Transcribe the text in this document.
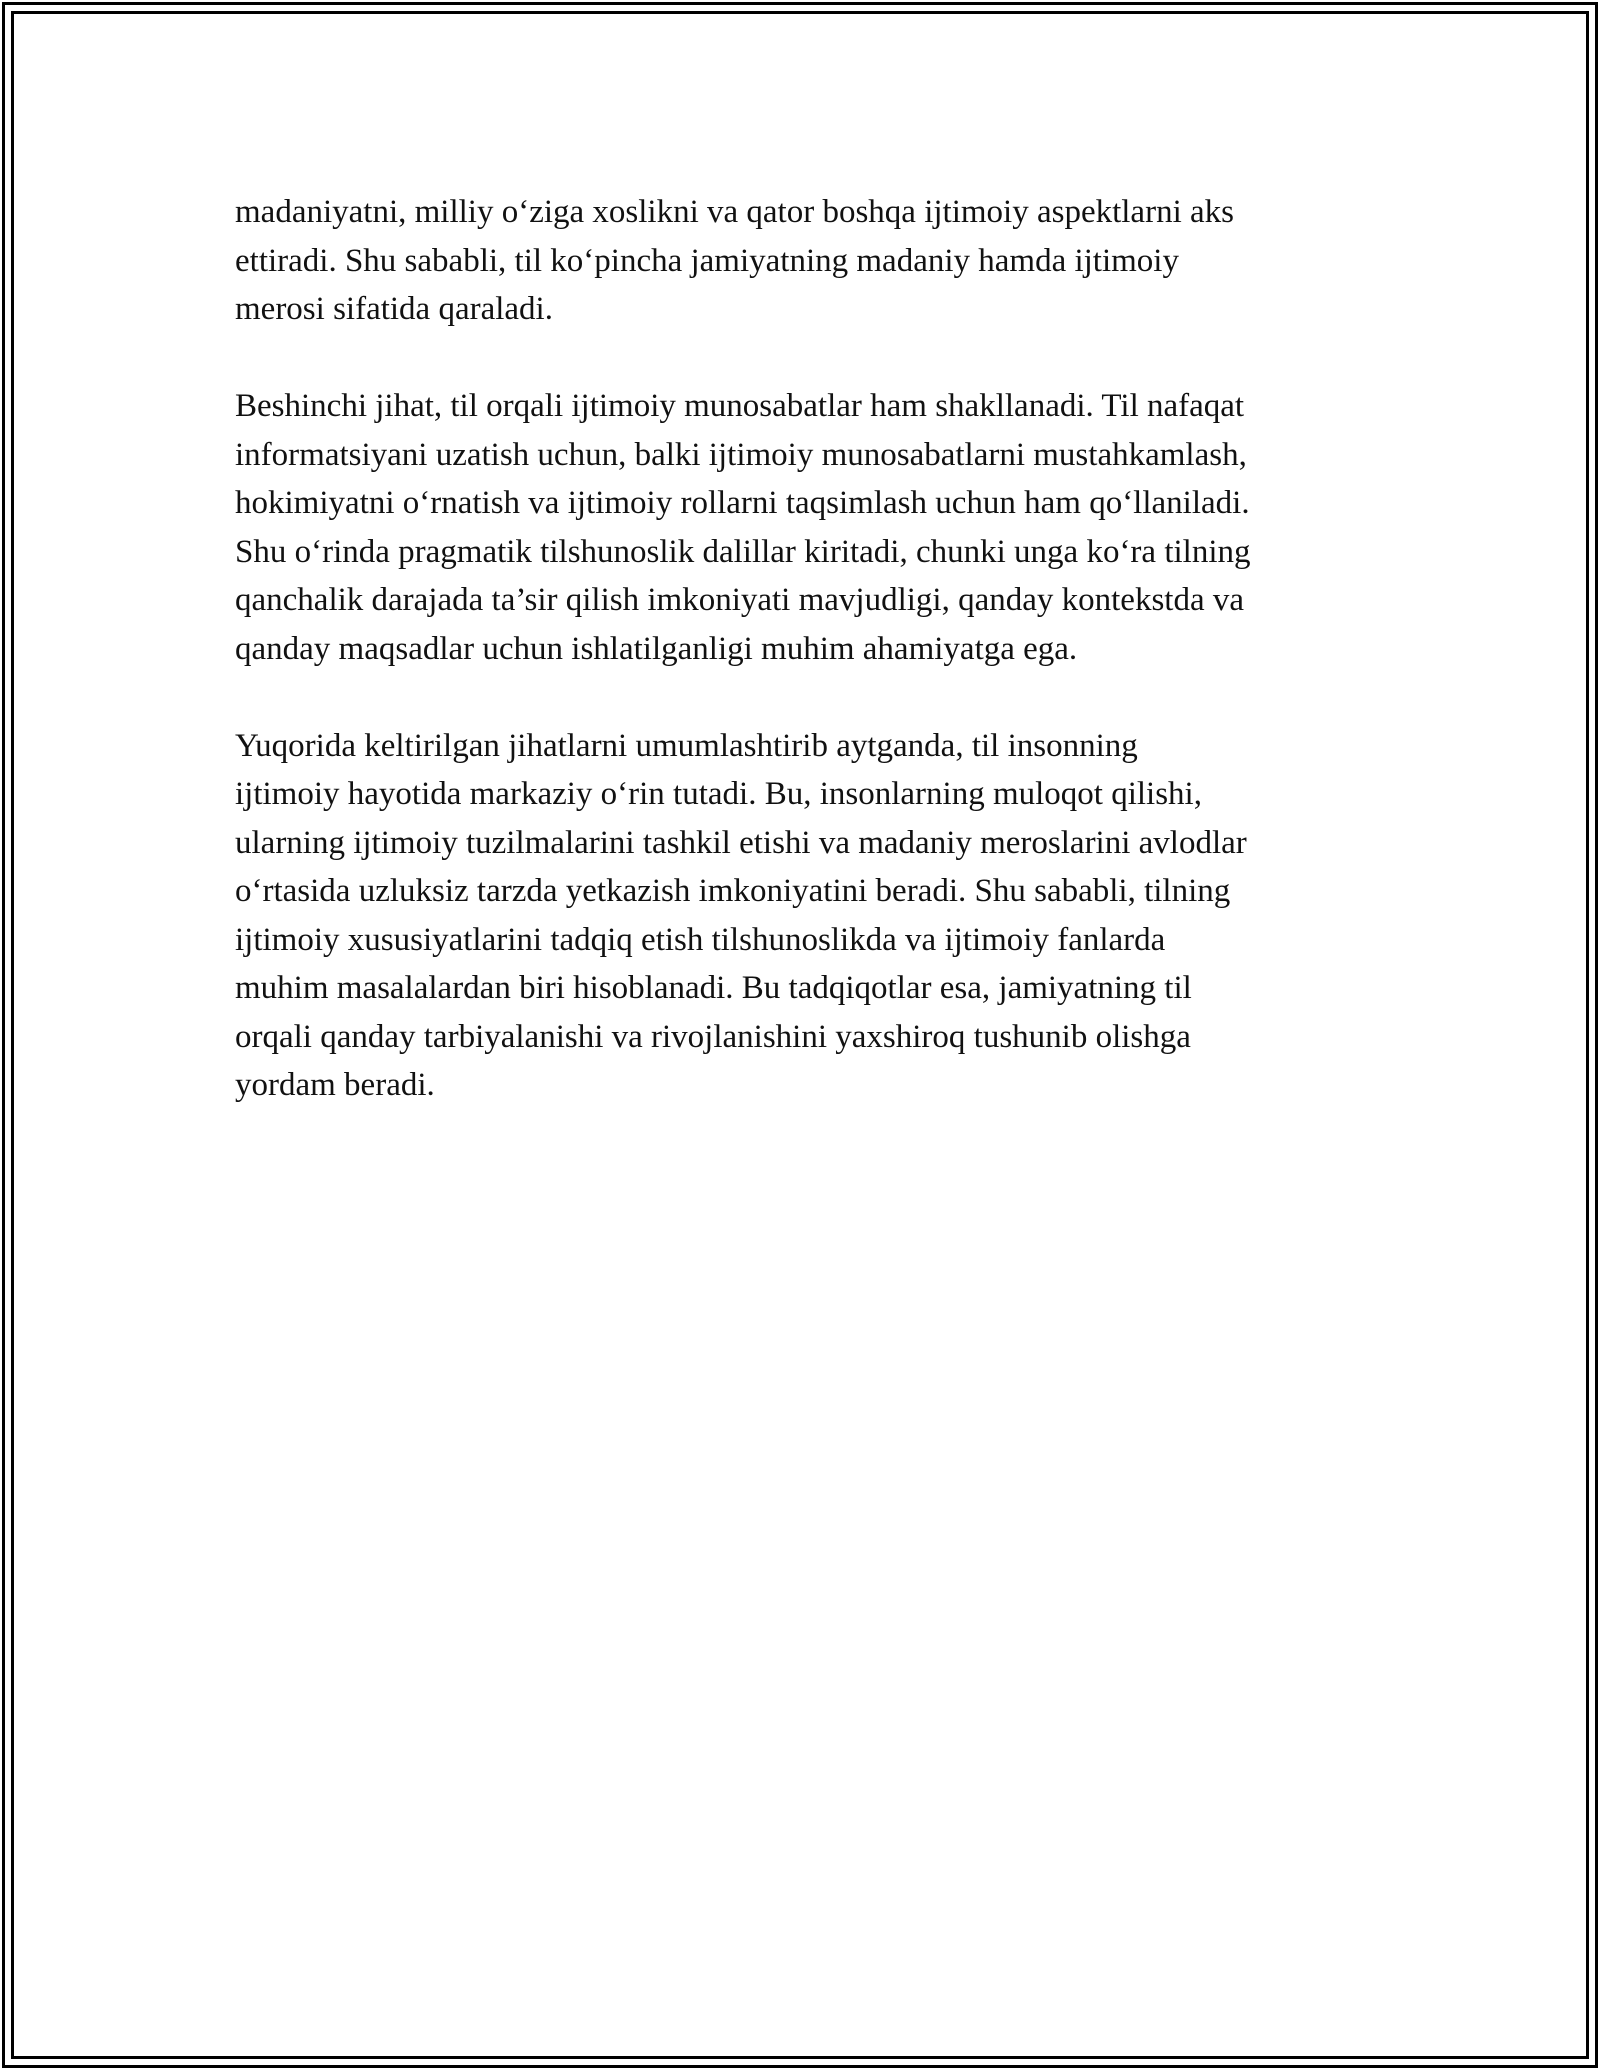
madaniyatni, milliy o‘ziga xoslikni va qator boshqa ijtimoiy aspektlarni aks
ettiradi. Shu sababli, til ko‘pincha jamiyatning madaniy hamda ijtimoiy
merosi sifatida qaraladi.

Beshinchi jihat, til orqali ijtimoiy munosabatlar ham shakllanadi. Til nafaqat
informatsiyani uzatish uchun, balki ijtimoiy munosabatlarni mustahkamlash,
hokimiyatni o‘rnatish va ijtimoiy rollarni taqsimlash uchun ham qo‘llaniladi.
Shu o‘rinda pragmatik tilshunoslik dalillar kiritadi, chunki unga ko‘ra tilning
qanchalik darajada ta’sir qilish imkoniyati mavjudligi, qanday kontekstda va
qanday maqsadlar uchun ishlatilganligi muhim ahamiyatga ega.

Yuqorida keltirilgan jihatlarni umumlashtirib aytganda, til insonning
ijtimoiy hayotida markaziy o‘rin tutadi. Bu, insonlarning muloqot qilishi,
ularning ijtimoiy tuzilmalarini tashkil etishi va madaniy meroslarini avlodlar
o‘rtasida uzluksiz tarzda yetkazish imkoniyatini beradi. Shu sababli, tilning
ijtimoiy xususiyatlarini tadqiq etish tilshunoslikda va ijtimoiy fanlarda
muhim masalalardan biri hisoblanadi. Bu tadqiqotlar esa, jamiyatning til
orqali qanday tarbiyalanishi va rivojlanishini yaxshiroq tushunib olishga
yordam beradi.
